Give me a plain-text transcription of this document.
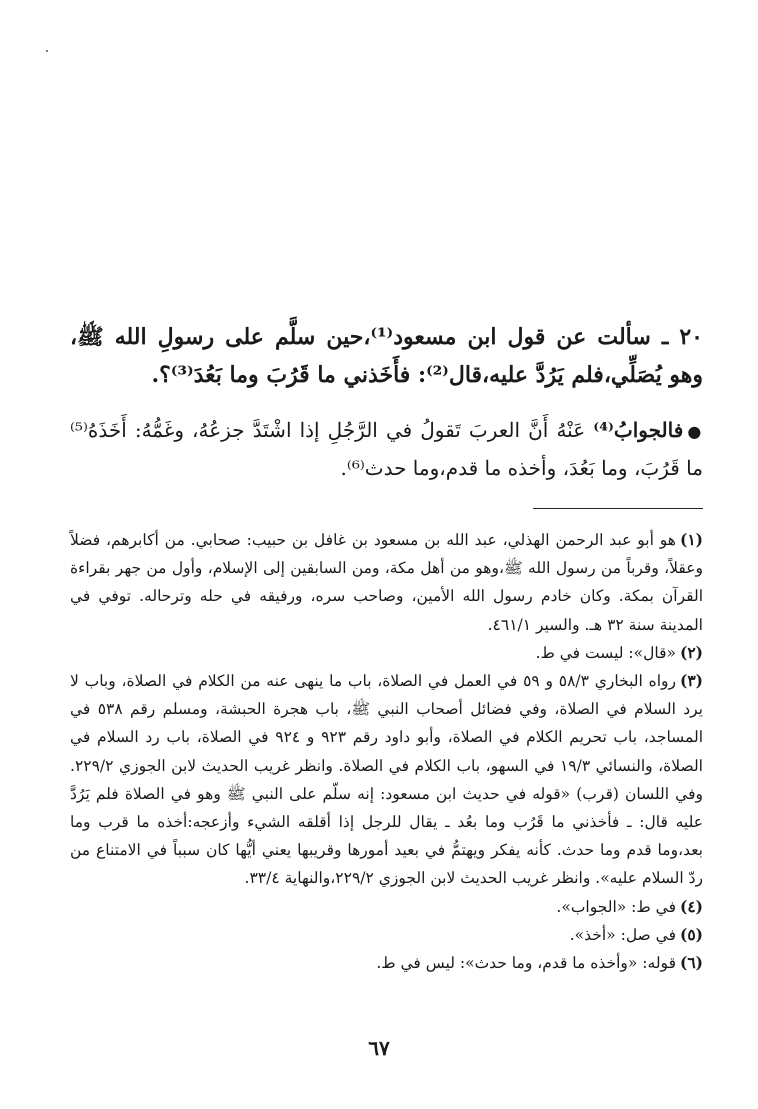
٢٠ ـ سألت عن قول ابن مسعود⁽¹⁾،حين سلَّم على رسولِ الله ﷺ، وهو يُصَلِّي،فلم يَرُدَّ عليه،قال⁽²⁾: فأَخَذني ما قَرُبَ وما بَعُدَ⁽³⁾؟.
●فالجوابُ⁽⁴⁾ عَنْهُ أَنَّ العربَ تَقولُ في الرَّجُلِ إذا اشْتَدَّ جزعُهُ، وغَمُّهُ: أَخَذَهُ⁽⁵⁾ ما قَرُبَ، وما بَعُدَ، وأخذه ما قدم،وما حدث⁽⁶⁾.

(١)هو أبو عبد الرحمن الهذلي، عبد الله بن مسعود بن غافل بن حبيب: صحابي. من أكابرهم، فضلاً وعقلاً، وقرباً من رسول الله ﷺ،وهو من أهل مكة، ومن السابقين إلى الإسلام، وأول من جهر بقراءة القرآن بمكة. وكان خادم رسول الله الأمين، وصاحب سره، ورفيقه في حله وترحاله. توفي في المدينة سنة ٣٢ هـ. والسير ٤٦١/١.

(٢)«قال»: ليست في ط.

(٣)رواه البخاري ٥٨/٣ و ٥٩ في العمل في الصلاة، باب ما ينهى عنه من الكلام في الصلاة، وباب لا يرد السلام في الصلاة، وفي فضائل أصحاب النبي ﷺ، باب هجرة الحبشة، ومسلم رقم ٥٣٨ في المساجد، باب تحريم الكلام في الصلاة، وأبو داود رقم ٩٢٣ و ٩٢٤ في الصلاة، باب رد السلام في الصلاة، والنسائي ١٩/٣ في السهو، باب الكلام في الصلاة. وانظر غريب الحديث لابن الجوزي ٢٢٩/٢. وفي اللسان (قرب) «قوله في حديث ابن مسعود: إنه سلّم على النبي ﷺ وهو في الصلاة فلم يَرُدَّ عليه قال: ـ فأخذني ما قَرُب وما بعُد ـ يقال للرجل إذا أقلقه الشيء وأزعجه:أخذه ما قرب وما بعد،وما قدم وما حدث. كأنه يفكر ويهتمُّ في بعيد أمورها وقريبها يعني أيُّها كان سبباً في الامتناع من ردّ السلام عليه». وانظر غريب الحديث لابن الجوزي ٢٢٩/٢،والنهاية ٣٣/٤.

(٤)في ط: «الجواب».

(٥)في صل: «أخذ».

(٦)قوله: «وأخذه ما قدم، وما حدث»: ليس في ط.

٦٧
